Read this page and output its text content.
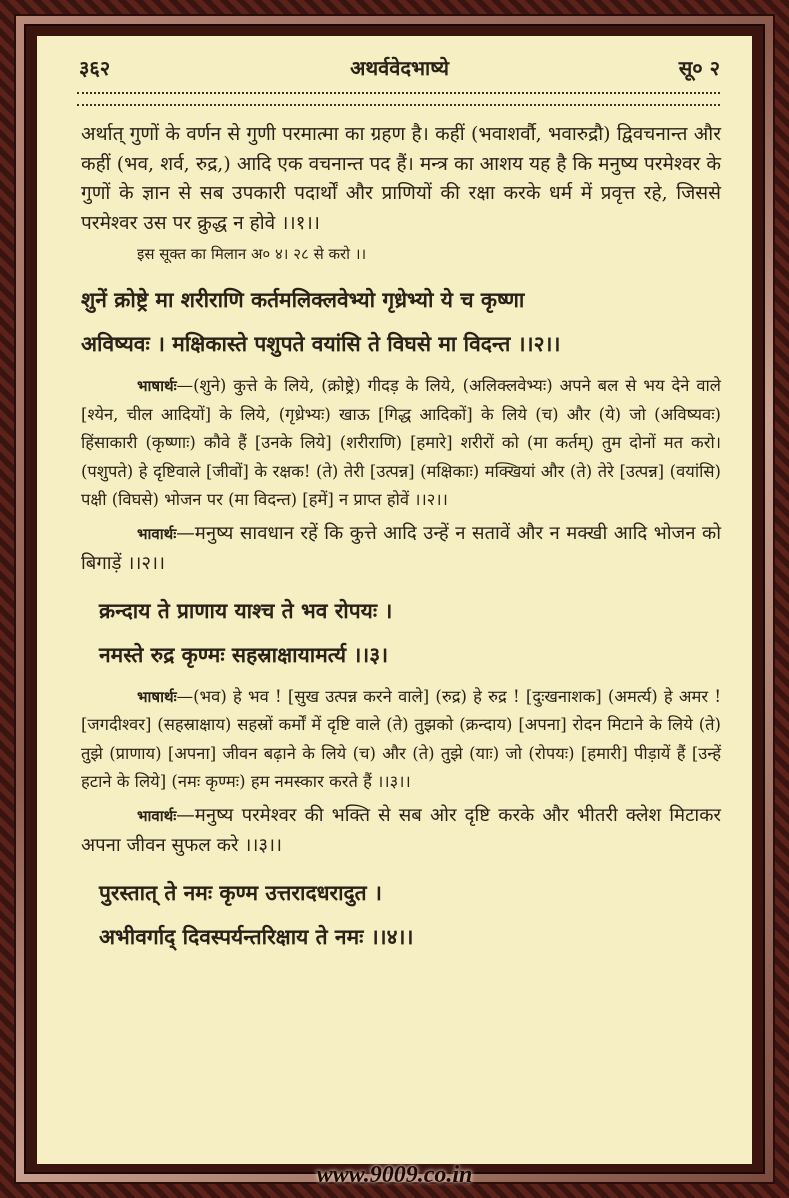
३६२	अथर्ववेदभाष्ये	सू० २

अर्थात् गुणों के वर्णन से गुणी परमात्मा का ग्रहण है। कहीं (भवाशर्वौ, भवारुद्रौ) द्विवचनान्त और कहीं (भव, शर्व, रुद्र,) आदि एक वचनान्त पद हैं। मन्त्र का आशय यह है कि मनुष्य परमेश्वर के गुणों के ज्ञान से सब उपकारी पदार्थों और प्राणियों की रक्षा करके धर्म में प्रवृत्त रहे, जिससे परमेश्वर उस पर क्रुद्ध न होवे ।।१।।

इस सूक्त का मिलान अ० ४। २८ से करो ।।

शुनें क्रोष्ट्रे मा शरीराणि कर्तमलिक्लवेभ्यो गृध्रेभ्यो ये च कृष्णा
अविष्यवः । मक्षिकास्ते पशुपते वयांसि ते विघसे मा विदन्त ।।२।।

भाषार्थः—(शुने) कुत्ते के लिये, (क्रोष्ट्रे) गीदड़ के लिये, (अलिक्लवेभ्यः) अपने बल से भय देने वाले [श्येन, चील आदियों] के लिये, (गृध्रेभ्यः) खाऊ [गिद्ध आदिकों] के लिये (च) और (ये) जो (अविष्यवः) हिंसाकारी (कृष्णाः) कौवे हैं [उनके लिये] (शरीराणि) [हमारे] शरीरों को (मा कर्तम्) तुम दोनों मत करो। (पशुपते) हे दृष्टिवाले [जीवों] के रक्षक! (ते) तेरी [उत्पन्न] (मक्षिकाः) मक्खियां और (ते) तेरे [उत्पन्न] (वयांसि) पक्षी (विघसे) भोजन पर (मा विदन्त) [हमें] न प्राप्त होवें ।।२।।

भावार्थः—मनुष्य सावधान रहें कि कुत्ते आदि उन्हें न सतावें और न मक्खी आदि भोजन को बिगाड़ें ।।२।।

क्रन्दाय ते प्राणाय याश्च ते भव रोपयः ।
नमस्ते रुद्र कृण्मः सहस्राक्षायामर्त्य ।।३।

भाषार्थः—(भव) हे भव ! [सुख उत्पन्न करने वाले] (रुद्र) हे रुद्र ! [दुःखनाशक] (अमर्त्य) हे अमर ! [जगदीश्वर] (सहस्राक्षाय) सहस्रों कर्मों में दृष्टि वाले (ते) तुझको (क्रन्दाय) [अपना] रोदन मिटाने के लिये (ते) तुझे (प्राणाय) [अपना] जीवन बढ़ाने के लिये (च) और (ते) तुझे (याः) जो (रोपयः) [हमारी] पीड़ायें हैं [उन्हें हटाने के लिये] (नमः कृण्मः) हम नमस्कार करते हैं ।।३।।

भावार्थः—मनुष्य परमेश्वर की भक्ति से सब ओर दृष्टि करके और भीतरी क्लेश मिटाकर अपना जीवन सुफल करे ।।३।।

पुरस्तात् ते नमः कृण्म उत्तरादधरादुत ।
अभीवर्गाद् दिवस्पर्यन्तरिक्षाय ते नमः ।।४।।
www.9009.co.in
